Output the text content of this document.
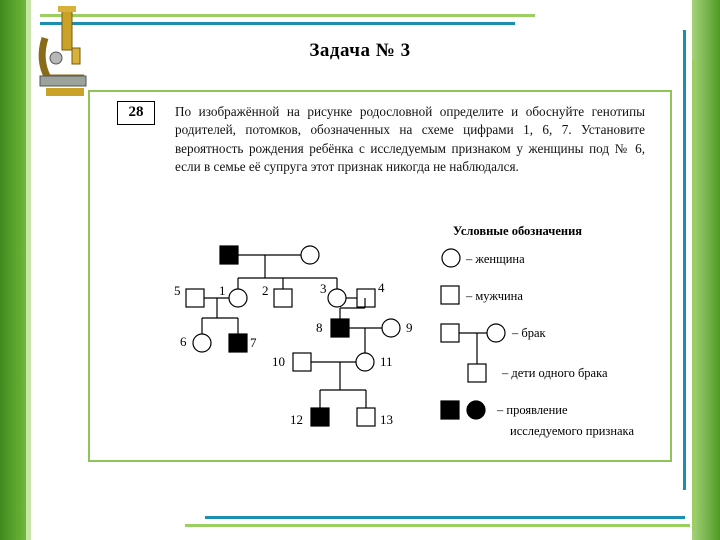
Задача № 3
28	По изображённой на рисунке родословной определите и обоснуйте генотипы родителей, потомков, обозначенных на схеме цифрами 1, 6, 7. Установите вероятность рождения ребёнка с исследуемым признаком у женщины под № 6, если в семье её супруга этот признак никогда не наблюдался.
5	1	2	3	4
6	7
8	9
10	11
12	13
Условные обозначения
– женщина
– мужчина
– брак
– дети одного брака
– проявление
исследуемого признака
